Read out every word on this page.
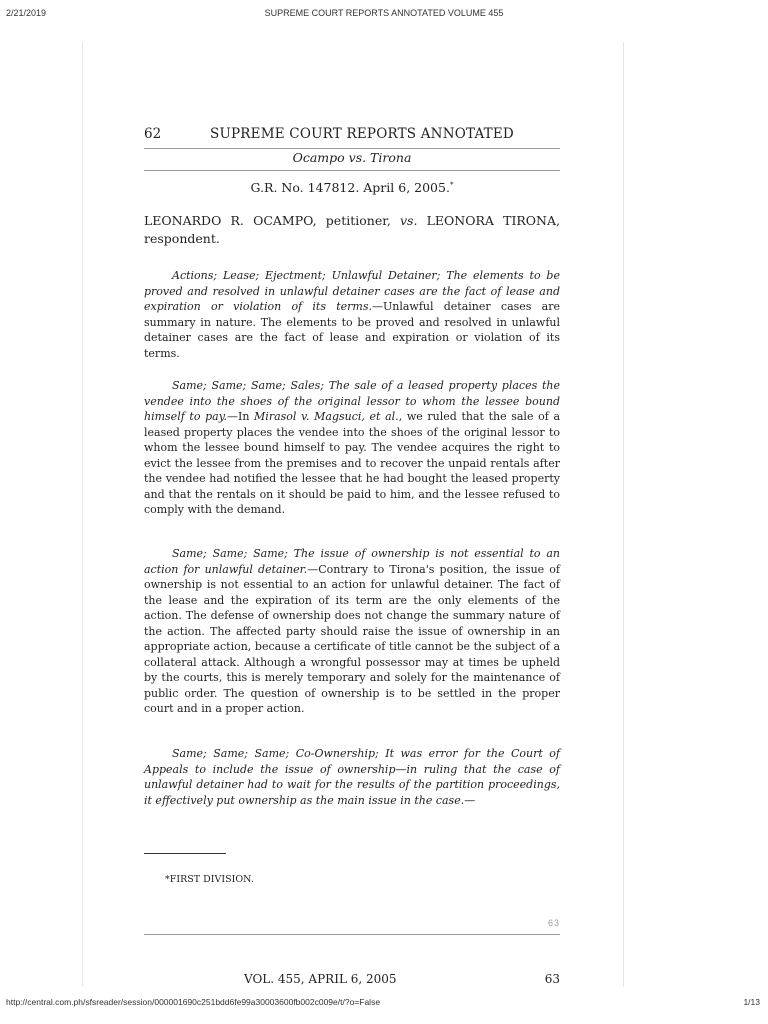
2/21/2019	SUPREME COURT REPORTS ANNOTATED VOLUME 455
62	SUPREME COURT REPORTS ANNOTATED
Ocampo vs. Tirona
G.R. No. 147812. April 6, 2005.*
LEONARDO R. OCAMPO, petitioner, vs. LEONORA TIRONA, respondent.
Actions; Lease; Ejectment; Unlawful Detainer; The elements to be proved and resolved in unlawful detainer cases are the fact of lease and expiration or violation of its terms.—Unlawful detainer cases are summary in nature. The elements to be proved and resolved in unlawful detainer cases are the fact of lease and expiration or violation of its terms.
Same; Same; Same; Sales; The sale of a leased property places the vendee into the shoes of the original lessor to whom the lessee bound himself to pay.—In Mirasol v. Magsuci, et al., we ruled that the sale of a leased property places the vendee into the shoes of the original lessor to whom the lessee bound himself to pay. The vendee acquires the right to evict the lessee from the premises and to recover the unpaid rentals after the vendee had notified the lessee that he had bought the leased property and that the rentals on it should be paid to him, and the lessee refused to comply with the demand.
Same; Same; Same; The issue of ownership is not essential to an action for unlawful detainer.—Contrary to Tirona's position, the issue of ownership is not essential to an action for unlawful detainer. The fact of the lease and the expiration of its term are the only elements of the action. The defense of ownership does not change the summary nature of the action. The affected party should raise the issue of ownership in an appropriate action, because a certificate of title cannot be the subject of a collateral attack. Although a wrongful possessor may at times be upheld by the courts, this is merely temporary and solely for the maintenance of public order. The question of ownership is to be settled in the proper court and in a proper action.
Same; Same; Same; Co-Ownership; It was error for the Court of Appeals to include the issue of ownership—in ruling that the case of unlawful detainer had to wait for the results of the partition proceedings, it effectively put ownership as the main issue in the case.—
*FIRST DIVISION.
63
VOL. 455, APRIL 6, 2005	63
http://central.com.ph/sfsreader/session/000001690c251bdd6fe99a30003600fb002c009e/t/?o=False	1/13
